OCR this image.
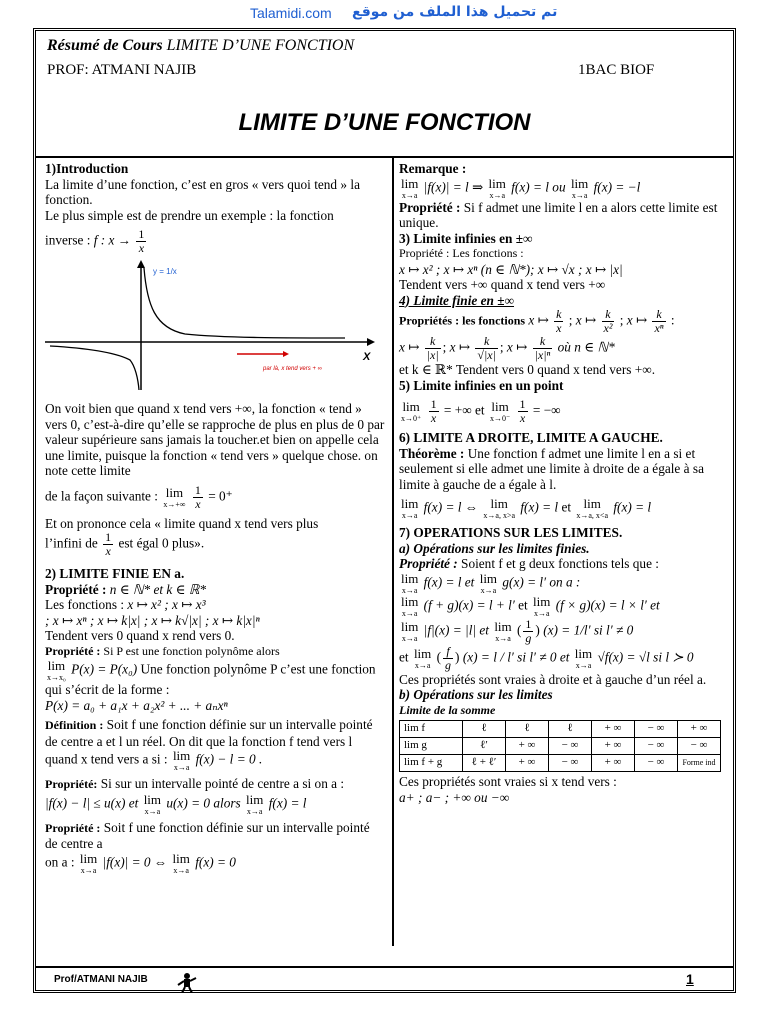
Talamidi.com تم تحميل هذا الملف من موقع
Résumé de Cours LIMITE D’UNE FONCTION
PROF: ATMANI NAJIB	1BAC BIOF
LIMITE D’UNE FONCTION

1)Introduction

La limite d’une fonction, c’est en gros « vers quoi tend » la fonction.

Le plus simple est de prendre un exemple : la fonction

inverse : f : $x \to \frac{1}{x}$

y = 1/x
X
par là, x tend vers + ∞

On voit bien que quand x tend vers +∞, la fonction « tend » vers 0, c’est-à-dire qu’elle se rapproche de plus en plus de 0 par valeur supérieure sans jamais la toucher.et bien on appelle cela une limite, puisque la fonction « tend vers » quelque chose. on note cette limite

de la façon suivante : lim
x→+∞
$\frac{1}{x} = 0^+$

Et on prononce cela « limite quand x tend vers plus

l’infini de $\frac{1}{x}$ est égal 0 plus».

2) LIMITE FINIE EN a.

Propriété : n ∈ ℕ* et k ∈ ℝ*

Les fonctions : x ↦ x² ; x ↦ x³

; x ↦ xⁿ ; x ↦ k|x| ; x ↦ k√|x| ; x ↦ k|x|ⁿ

Tendent vers 0 quand x rend vers 0.

Propriété : Si P est une fonction polynôme alors

lim
x→x₀
P(x) = P(x₀) Une fonction polynôme P c’est une fonction qui s’écrit de la forme :

P(x) = a₀ + a₁x + a₂x² + ... + aₙxⁿ

Définition : Soit f une fonction définie sur un intervalle pointé de centre a et l un réel. On dit que la fonction f tend vers l quand x tend vers a si : lim
x→a
f(x) − l = 0 .

Propriété: Si sur un intervalle pointé de centre a si on a :

|f(x) − l| ≤ u(x) et lim
x→a
u(x) = 0 alors lim
x→a
f(x) = l

Propriété : Soit f une fonction définie sur un intervalle pointé de centre a

on a : lim
x→a
|f(x)| = 0 ⇔ lim
x→a
f(x) = 0

Remarque :

lim
x→a
|f(x)| = l ⇒ lim
x→a
f(x) = l ou lim
x→a
f(x) = −l

Propriété : Si f admet une limite l en a alors cette limite est unique.

3) Limite infinies en ±∞

Propriété : Les fonctions :

x ↦ x² ; x ↦ xⁿ (n ∈ ℕ*); x ↦ √x ; x ↦ |x|

Tendent vers +∞ quand x tend vers +∞

4) Limite finie en ±∞

Propriétés : les fonctions x ↦ $\frac{k}{x}$ ; x ↦ $\frac{k}{\text{x²}}$ ; x ↦ $\frac{k}{\text{xⁿ}}$ :

x ↦ $\frac{k}{|x|}$ ; x ↦ $\frac{k}{√|x|}$ ; x ↦ $\frac{k}{\text{|x|ⁿ}}$ où n ∈ ℕ*

et k ∈ ℝ* Tendent vers 0 quand x tend vers +∞.

5) Limite infinies en un point

lim
x→0⁺
$\frac{1}{x}$ = +∞ et lim
x→0⁻
$\frac{1}{x}$ = −∞

6) LIMITE A DROITE, LIMITE A GAUCHE.

Théorème : Une fonction f admet une limite l en a si et seulement si elle admet une limite à droite de a égale à sa limite à gauche de a égale à l.

lim
x→a
f(x) = l ⇔ lim
x→a, x>a
f(x) = l et lim
x→a, x<a
f(x) = l

7) OPERATIONS SUR LES LIMITES.

a) Opérations sur les limites finies.

Propriété : Soient f et g deux fonctions tels que :

lim
x→a
f(x) = l et lim
x→a
g(x) = l′ on a :

lim
x→a
(f + g)(x) = l + l′ et lim
x→a
(f × g)(x) = l × l′ et

lim
x→a
|f|(x) = |l| et lim
x→a
( $\frac{1}{g}$ ) (x) = 1/l′ si l′ ≠ 0

et lim
x→a
( $\frac{f}{g}$ ) (x) = l / l′ si l′ ≠ 0 et lim
x→a
√f(x) = √l si l ≻ 0

Ces propriétés sont vraies à droite et à gauche d’un réel a.

b) Opérations sur les limites

Limite de la somme

lim f	ℓ	ℓ	ℓ	+ ∞	− ∞	+ ∞
lim g	ℓ′	+ ∞	− ∞	+ ∞	− ∞	− ∞
lim f + g	ℓ + ℓ′	+ ∞	− ∞	+ ∞	− ∞	Forme ind

Ces propriétés sont vraies si x tend vers :

a+ ; a− ; +∞ ou −∞

Prof/ATMANI NAJIB	1
